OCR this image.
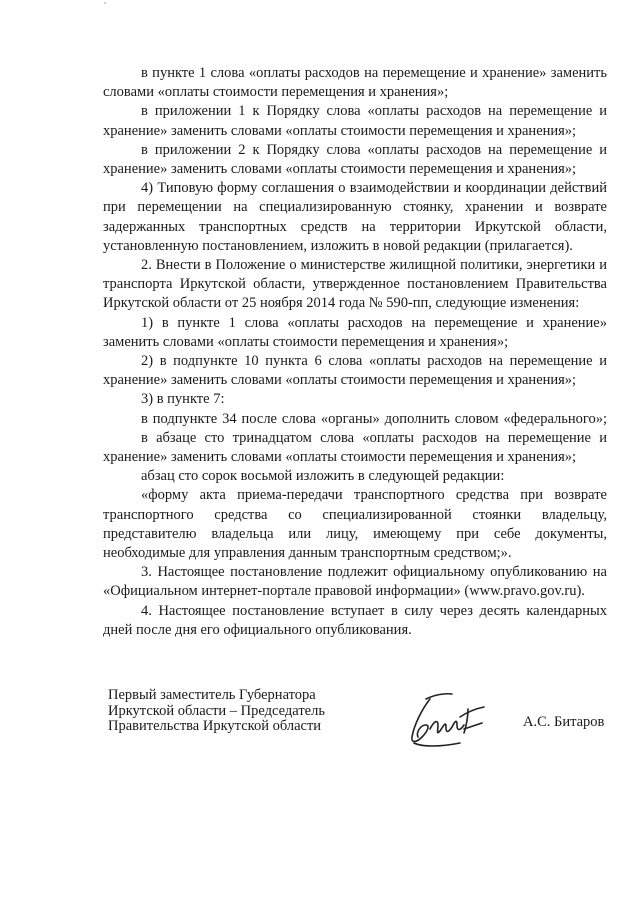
в пункте 1 слова «оплаты расходов на перемещение и хранение» заменить словами «оплаты стоимости перемещения и хранения»;

в приложении 1 к Порядку слова «оплаты расходов на перемещение и хранение» заменить словами «оплаты стоимости перемещения и хранения»;

в приложении 2 к Порядку слова «оплаты расходов на перемещение и хранение» заменить словами «оплаты стоимости перемещения и хранения»;

4) Типовую форму соглашения о взаимодействии и координации действий при перемещении на специализированную стоянку, хранении и возврате задержанных транспортных средств на территории Иркутской области, установленную постановлением, изложить в новой редакции (прилагается).

2. Внести в Положение о министерстве жилищной политики, энергетики и транспорта Иркутской области, утвержденное постановлением Правительства Иркутской области от 25 ноября 2014 года № 590-пп, следующие изменения:

1) в пункте 1 слова «оплаты расходов на перемещение и хранение» заменить словами «оплаты стоимости перемещения и хранения»;

2) в подпункте 10 пункта 6 слова «оплаты расходов на перемещение и хранение» заменить словами «оплаты стоимости перемещения и хранения»;

3) в пункте 7:

в подпункте 34 после слова «органы» дополнить словом «федерального»;

в абзаце сто тринадцатом слова «оплаты расходов на перемещение и хранение» заменить словами «оплаты стоимости перемещения и хранения»;

абзац сто сорок восьмой изложить в следующей редакции:

«форму акта приема-передачи транспортного средства при возврате транспортного средства со специализированной стоянки владельцу, представителю владельца или лицу, имеющему при себе документы, необходимые для управления данным транспортным средством;».

3. Настоящее постановление подлежит официальному опубликованию на «Официальном интернет-портале правовой информации» (www.pravo.gov.ru).

4. Настоящее постановление вступает в силу через десять календарных дней после дня его официального опубликования.

Первый заместитель Губернатора
Иркутской области – Председатель
Правительства Иркутской области	А.С. Битаров
